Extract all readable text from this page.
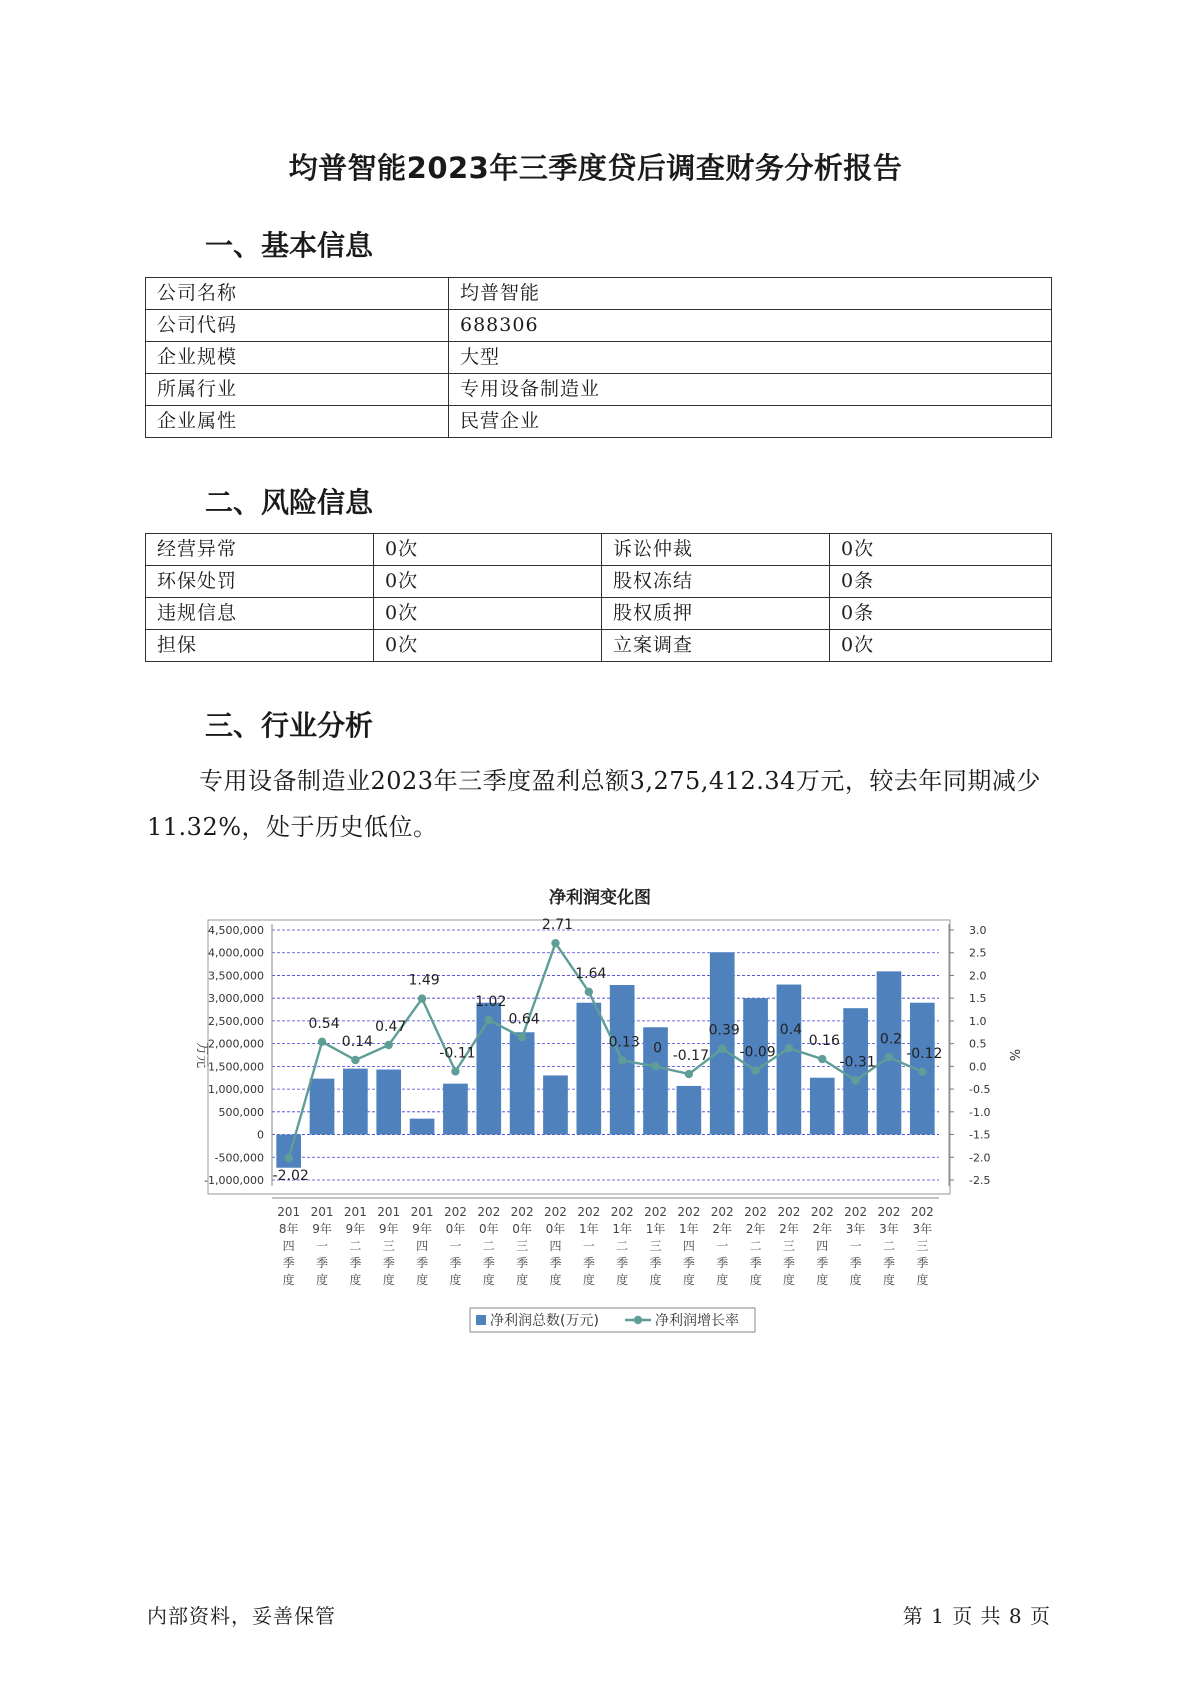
均普智能2023年三季度贷后调查财务分析报告
一、基本信息
公司名称	均普智能
公司代码	688306
企业规模	大型
所属行业	专用设备制造业
企业属性	民营企业
二、风险信息
经营异常	0次	诉讼仲裁	0次
环保处罚	0次	股权冻结	0条
违规信息	0次	股权质押	0条
担保	0次	立案调查	0次
三、行业分析
专用设备制造业2023年三季度盈利总额3,275,412.34万元，较去年同期减少11.32%，处于历史低位。
净利润变化图
4,500,000
4,000,000
3,500,000
3,000,000
2,500,000
2,000,000
1,500,000
1,000,000
500,000
0
-500,000
-1,000,000
3.0
2.5
2.0
1.5
1.0
0.5
0.0
-0.5
-1.0
-1.5
-2.0
-2.5
万元	%
-2.02
0.54
0.14
0.47
1.49
-0.11
1.02
0.64
2.71
1.64
0.13 0 -0.17
0.39
-0.09
0.4
0.16
-0.31
0.2
-0.12
201
8年
四
季
度
201
9年
一
季
度
201
9年
二
季
度
201
9年
三
季
度
201
9年
四
季
度
202
0年
一
季
度
202
0年
二
季
度
202
0年
三
季
度
202
0年
四
季
度
202
1年
一
季
度
202
1年
二
季
度
202
1年
三
季
度
202
1年
四
季
度
202
2年
一
季
度
202
2年
二
季
度
202
2年
三
季
度
202
2年
四
季
度
202
3年
一
季
度
202
3年
二
季
度
202
3年
三
季
度
净利润总数(万元)	净利润增长率
内部资料，妥善保管	第 1 页 共 8 页
